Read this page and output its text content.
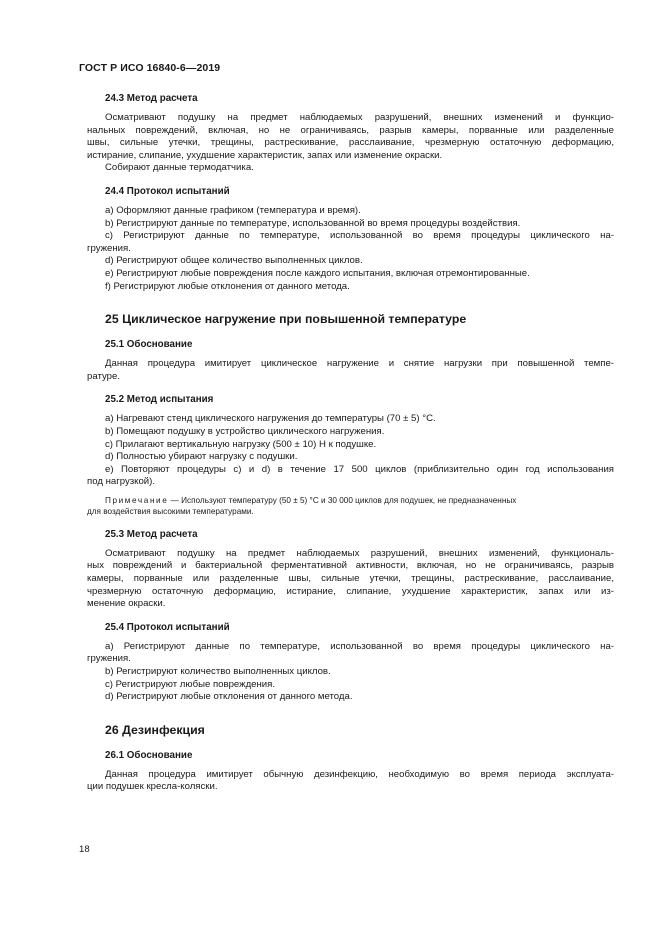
ГОСТ Р ИСО 16840-6—2019
24.3 Метод расчета

Осматривают подушку на предмет наблюдаемых разрушений, внешних изменений и функцио-

нальных повреждений, включая, но не ограничиваясь, разрыв камеры, порванные или разделенные

швы, сильные утечки, трещины, растрескивание, расслаивание, чрезмерную остаточную деформацию,

истирание, слипание, ухудшение характеристик, запах или изменение окраски.

Собирают данные термодатчика.

24.4 Протокол испытаний

a) Оформляют данные графиком (температура и время).

b) Регистрируют данные по температуре, использованной во время процедуры воздействия.

c) Регистрируют данные по температуре, использованной во время процедуры циклического на-

гружения.

d) Регистрируют общее количество выполненных циклов.

e) Регистрируют любые повреждения после каждого испытания, включая отремонтированные.

f) Регистрируют любые отклонения от данного метода.

25 Циклическое нагружение при повышенной температуре
25.1 Обоснование

Данная процедура имитирует циклическое нагружение и снятие нагрузки при повышенной темпе-

ратуре.

25.2 Метод испытания

a) Нагревают стенд циклического нагружения до температуры (70 ± 5) °С.

b) Помещают подушку в устройство циклического нагружения.

c) Прилагают вертикальную нагрузку (500 ± 10) Н к подушке.

d) Полностью убирают нагрузку с подушки.

e) Повторяют процедуры c) и d) в течение 17 500 циклов (приблизительно один год использования

под нагрузкой).

Примечание — Используют температуру (50 ± 5) °С и 30 000 циклов для подушек, не предназначенных
для воздействия высокими температурами.
25.3 Метод расчета

Осматривают подушку на предмет наблюдаемых разрушений, внешних изменений, функциональ-

ных повреждений и бактериальной ферментативной активности, включая, но не ограничиваясь, разрыв

камеры, порванные или разделенные швы, сильные утечки, трещины, растрескивание, расслаивание,

чрезмерную остаточную деформацию, истирание, слипание, ухудшение характеристик, запах или из-

менение окраски.

25.4 Протокол испытаний

a) Регистрируют данные по температуре, использованной во время процедуры циклического на-

гружения.

b) Регистрируют количество выполненных циклов.

c) Регистрируют любые повреждения.

d) Регистрируют любые отклонения от данного метода.

26 Дезинфекция
26.1 Обоснование

Данная процедура имитирует обычную дезинфекцию, необходимую во время периода эксплуата-

ции подушек кресла-коляски.

18
